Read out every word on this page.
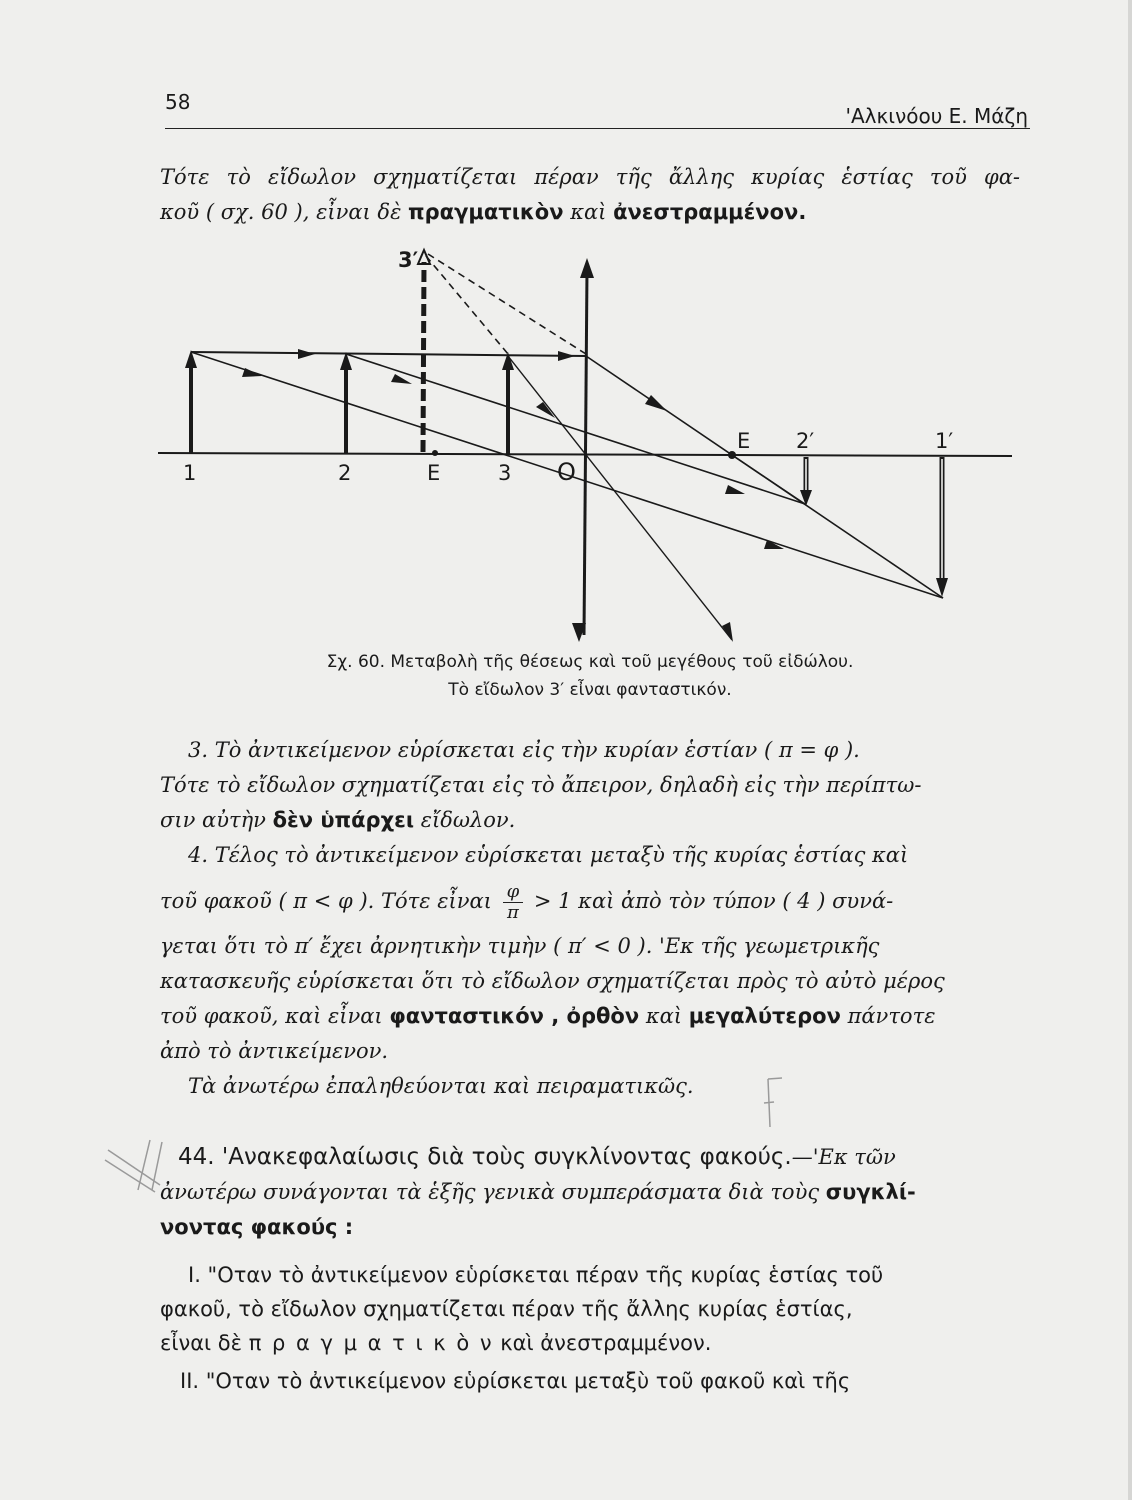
58
'Αλκινόου Ε. Μάζη
Τότε τὸ εἴδωλον σχηματίζεται πέραν τῆς ἄλλης κυρίας ἑστίας τοῦ φα-
κοῦ ( σχ. 60 ), εἶναι δὲ πραγματικὸν καὶ ἀνεστραμμένον.
1	2	E	3 O
E 2′	1′
3′
Σχ. 60. Μεταβολὴ τῆς θέσεως καὶ τοῦ μεγέθους τοῦ εἰδώλου.
Τὸ εἴδωλον 3′ εἶναι φανταστικόν.
3. Τὸ ἀντικείμενον εὑρίσκεται εἰς τὴν κυρίαν ἑστίαν ( π = φ ).
Τότε τὸ εἴδωλον σχηματίζεται εἰς τὸ ἄπειρον, δηλαδὴ εἰς τὴν περίπτω-
σιν αὐτὴν δὲν ὑπάρχει εἴδωλον.
4. Τέλος τὸ ἀντικείμενον εὑρίσκεται μεταξὺ τῆς κυρίας ἑστίας καὶ
τοῦ φακοῦ ( π < φ ). Τότε εἶναι $\frac{\varphi}{\pi} > 1$ καὶ ἀπὸ τὸν τύπον ( 4 ) συνά-
γεται ὅτι τὸ π′ ἔχει ἀρνητικὴν τιμὴν ( π′ < 0 ). 'Εκ τῆς γεωμετρικῆς
κατασκευῆς εὑρίσκεται ὅτι τὸ εἴδωλον σχηματίζεται πρὸς τὸ αὐτὸ μέρος
τοῦ φακοῦ, καὶ εἶναι φανταστικόν , ὀρθὸν καὶ μεγαλύτερον πάντοτε
ἀπὸ τὸ ἀντικείμενον.
Τὰ ἀνωτέρω ἐπαληθεύονται καὶ πειραματικῶς.
44. 'Ανακεφαλαίωσις διὰ τοὺς συγκλίνοντας φακούς.—'Εκ τῶν
ἀνωτέρω συνάγονται τὰ ἑξῆς γενικὰ συμπεράσματα διὰ τοὺς συγκλί-
νοντας φακούς :
I. "Οταν τὸ ἀντικείμενον εὑρίσκεται πέραν τῆς κυρίας ἑστίας τοῦ
φακοῦ, τὸ εἴδωλον σχηματίζεται πέραν τῆς ἄλλης κυρίας ἑστίας,
εἶναι δὲ π ρ α γ μ α τ ι κ ὸ ν καὶ ἀνεστραμμένον.
II. "Οταν τὸ ἀντικείμενον εὑρίσκεται μεταξὺ τοῦ φακοῦ καὶ τῆς
